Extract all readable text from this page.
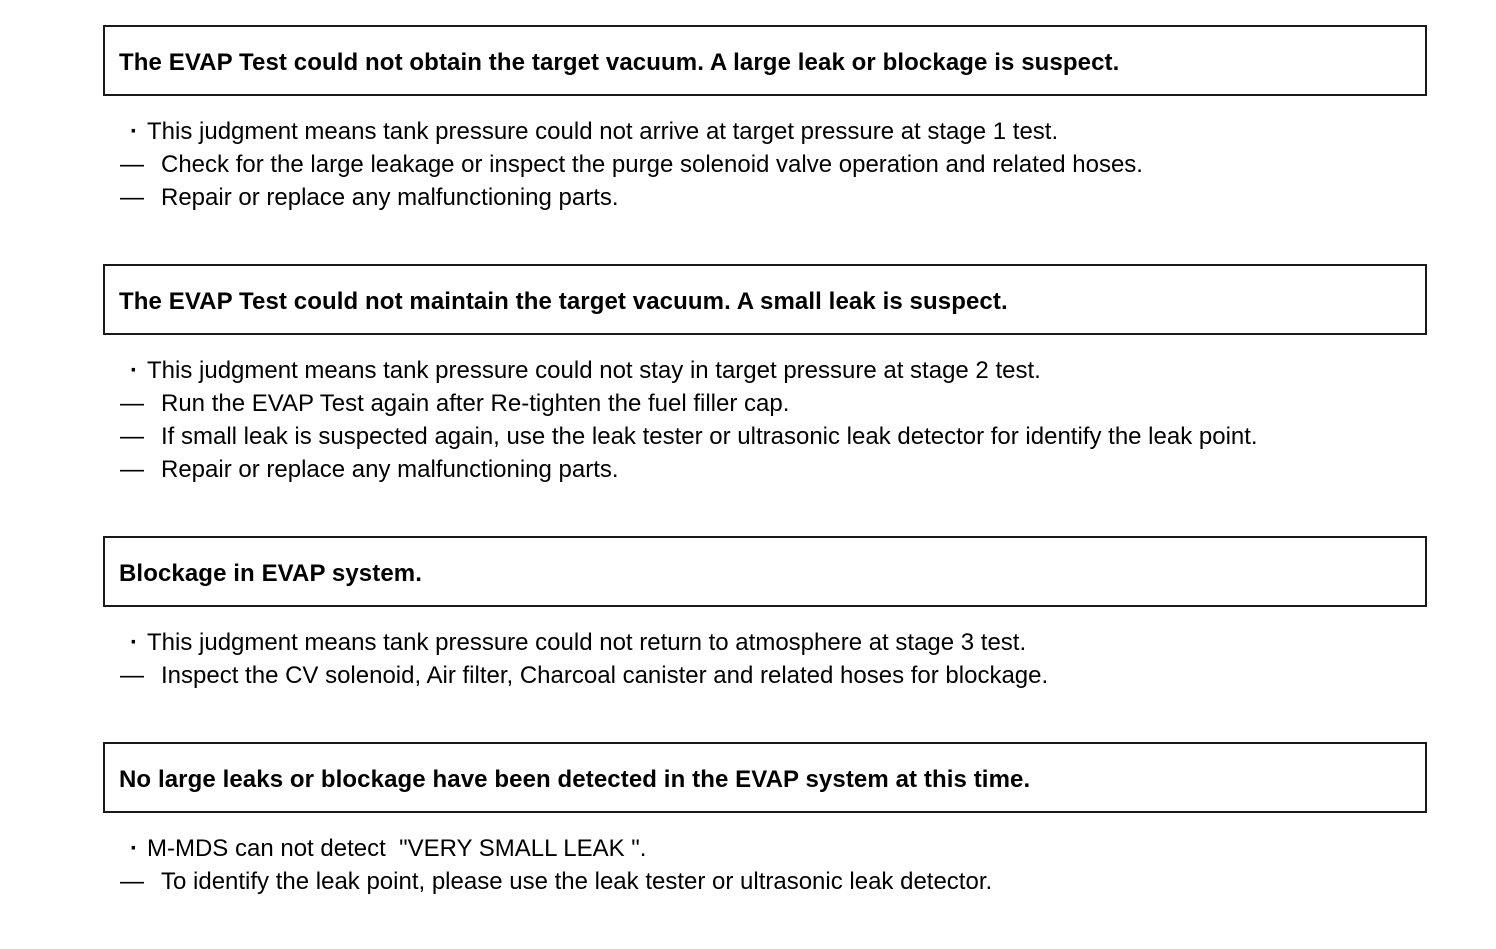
The EVAP Test could not obtain the target vacuum. A large leak or blockage is suspect.
· This judgment means tank pressure could not arrive at target pressure at stage 1 test.
— Check for the large leakage or inspect the purge solenoid valve operation and related hoses.
— Repair or replace any malfunctioning parts.
The EVAP Test could not maintain the target vacuum. A small leak is suspect.
· This judgment means tank pressure could not stay in target pressure at stage 2 test.
— Run the EVAP Test again after Re-tighten the fuel filler cap.
— If small leak is suspected again, use the leak tester or ultrasonic leak detector for identify the leak point.
— Repair or replace any malfunctioning parts.
Blockage in EVAP system.
· This judgment means tank pressure could not return to atmosphere at stage 3 test.
— Inspect the CV solenoid, Air filter, Charcoal canister and related hoses for blockage.
No large leaks or blockage have been detected in the EVAP system at this time.
· M-MDS can not detect  "VERY SMALL LEAK ".
— To identify the leak point, please use the leak tester or ultrasonic leak detector.
